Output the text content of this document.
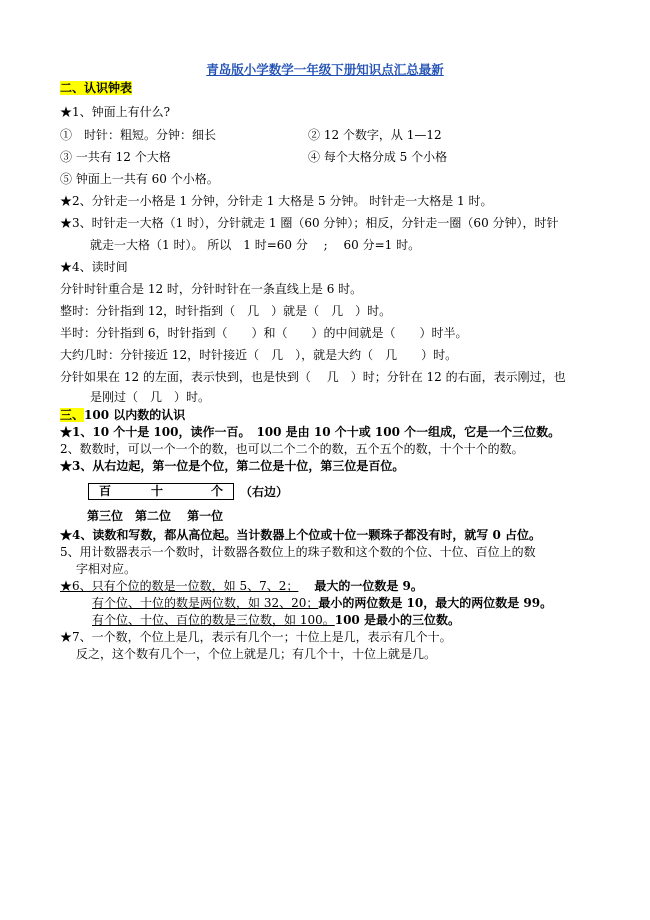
青岛版小学数学一年级下册知识点汇总最新
二、认识钟表
★1、钟面上有什么?
①　时针：粗短。分钟：细长	② 12 个数字，从 1—12
③ 一共有 12 个大格	④ 每个大格分成 5 个小格
⑤ 钟面上一共有 60 个小格。
★2、分针走一小格是 1 分钟，分针走 1 大格是 5 分钟。 时针走一大格是 1 时。
★3、时针走一大格（1 时），分针就走 1 圈（60 分钟）；相反，分针走一圈（60 分钟），时针
就走一大格（1 时）。 所以　1 时=60 分　 ;　 60 分=1 时。
★4、读时间
分针时针重合是 12 时，分针时针在一条直线上是 6 时。
整时：分针指到 12，时针指到（　几　）就是（　几　）时。
半时：分针指到 6，时针指到（　　）和（　　）的中间就是（　　）时半。
大约几时：分针接近 12，时针接近（　几　），就是大约（　几　　）时。
分针如果在 12 的左面，表示快到，也是快到（　 几　）时；分针在 12 的右面，表示刚过，也
是刚过（　几　）时。
三、100 以内数的认识
★1、10 个十是 100，读作一百。　100 是由 10 个十或 100 个一组成，它是一个三位数。
2、数数时，可以一个一个的数，也可以二个二个的数，五个五个的数，十个十个的数。
★3、从右边起，第一位是个位，第二位是十位，第三位是百位。
百	十	个 （右边）
第三位　第二位　 第一位
★4、读数和写数，都从高位起。当计数器上个位或十位一颗珠子都没有时，就写 0 占位。
5、用计数器表示一个数时，计数器各数位上的珠子数和这个数的个位、十位、百位上的数
字相对应。
★6、只有个位的数是一位数，如 5、7、2； 最大的一位数是 9。
有个位、十位的数是两位数，如 32、20；最小的两位数是 10，最大的两位数是 99。
有个位、十位、百位的数是三位数，如 100。100 是最小的三位数。
★7、一个数，个位上是几，表示有几个一；十位上是几，表示有几个十。
反之，这个数有几个一，个位上就是几；有几个十，十位上就是几。
